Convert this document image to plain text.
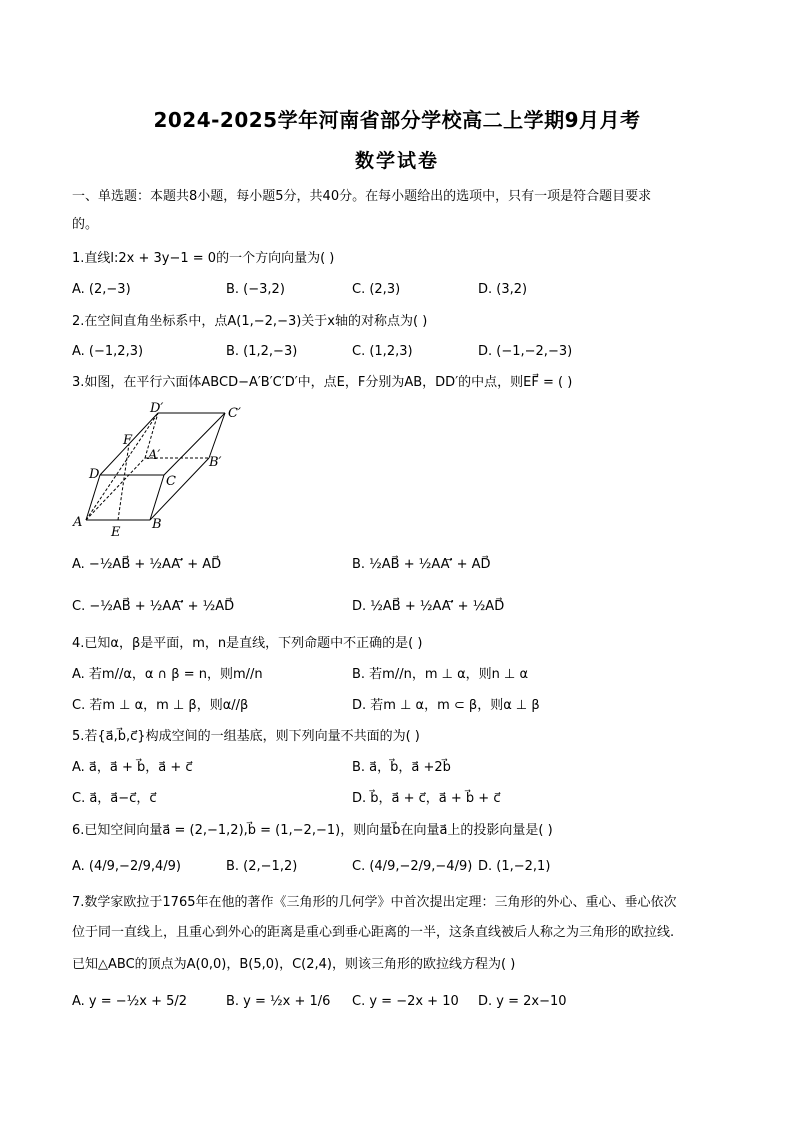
2024-2025学年河南省部分学校高二上学期9月月考
数学试卷
一、单选题：本题共8小题，每小题5分，共40分。在每小题给出的选项中，只有一项是符合题目要求
的。
1.直线l:2x + 3y−1 = 0的一个方向向量为( )
A. (2,−3)	B. (−3,2)	C. (2,3)	D. (3,2)
2.在空间直角坐标系中，点A(1,−2,−3)关于x轴的对称点为( )
A. (−1,2,3)	B. (1,2,−3)	C. (1,2,3)	D. (−1,−2,−3)
3.如图，在平行六面体ABCD−A′B′C′D′中，点E，F分别为AB，DD′的中点，则EF⃗ = ( )
D′	C′
F
A′	B′
D	C
A
E
B
A. −½AB⃗ + ½AA′⃗ + AD⃗	B. ½AB⃗ + ½AA′⃗ + AD⃗
C. −½AB⃗ + ½AA′⃗ + ½AD⃗	D. ½AB⃗ + ½AA′⃗ + ½AD⃗
4.已知α，β是平面，m，n是直线，下列命题中不正确的是( )
A. 若m//α，α ∩ β = n，则m//n	B. 若m//n，m ⊥ α，则n ⊥ α
C. 若m ⊥ α，m ⊥ β，则α//β	D. 若m ⊥ α，m ⊂ β，则α ⊥ β
5.若{a⃗,b⃗,c⃗}构成空间的一组基底，则下列向量不共面的为( )
A. a⃗，a⃗ + b⃗，a⃗ + c⃗	B. a⃗，b⃗，a⃗ +2b⃗
C. a⃗，a⃗−c⃗，c⃗	D. b⃗，a⃗ + c⃗，a⃗ + b⃗ + c⃗
6.已知空间向量a⃗ = (2,−1,2),b⃗ = (1,−2,−1)，则向量b⃗在向量a⃗上的投影向量是( )
A. (4/9,−2/9,4/9)	B. (2,−1,2)	C. (4/9,−2/9,−4/9) D. (1,−2,1)
7.数学家欧拉于1765年在他的著作《三角形的几何学》中首次提出定理：三角形的外心、重心、垂心依次
位于同一直线上，且重心到外心的距离是重心到垂心距离的一半，这条直线被后人称之为三角形的欧拉线.
已知△ABC的顶点为A(0,0)，B(5,0)，C(2,4)，则该三角形的欧拉线方程为( )
A. y = −½x + 5/2	B. y = ½x + 1/6 C. y = −2x + 10 D. y = 2x−10
